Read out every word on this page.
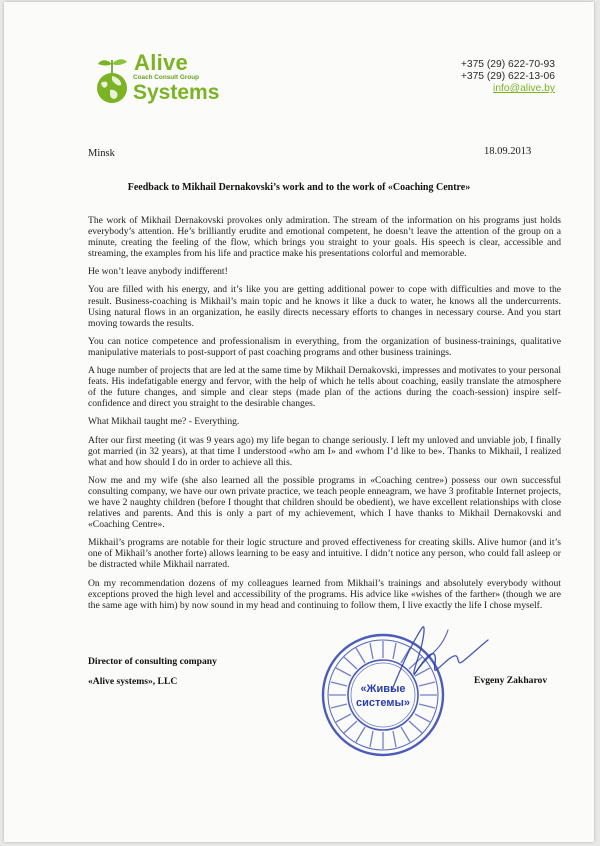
Alive
Coach Consult Group
Systems
+375 (29) 622-70-93
+375 (29) 622-13-06
info@alive.by
Minsk	18.09.2013
Feedback to Mikhail Dernakovski’s work and to the work of «Coaching Centre»

The work of Mikhail Dernakovski provokes only admiration. The stream of the information on his programs just holds everybody’s attention. He’s brilliantly erudite and emotional competent, he doesn’t leave the attention of the group on a minute, creating the feeling of the flow, which brings you straight to your goals. His speech is clear, accessible and streaming, the examples from his life and practice make his presentations colorful and memorable.

He won’t leave anybody indifferent!

You are filled with his energy, and it’s like you are getting additional power to cope with difficulties and move to the result. Business-coaching is Mikhail’s main topic and he knows it like a duck to water, he knows all the undercurrents. Using natural flows in an organization, he easily directs necessary efforts to changes in necessary course. And you start moving towards the results.

You can notice competence and professionalism in everything, from the organization of business-trainings, qualitative manipulative materials to post-support of past coaching programs and other business trainings.

A huge number of projects that are led at the same time by Mikhail Dernakovski, impresses and motivates to your personal feats. His indefatigable energy and fervor, with the help of which he tells about coaching, easily translate the atmosphere of the future changes, and simple and clear steps (made plan of the actions during the coach-session) inspire self-confidence and direct you straight to the desirable changes.

What Mikhail taught me? - Everything.

After our first meeting (it was 9 years ago) my life began to change seriously. I left my unloved and unviable job, I finally got married (in 32 years), at that time I understood «who am I» and «whom I’d like to be». Thanks to Mikhail, I realized what and how should I do in order to achieve all this.

Now me and my wife (she also learned all the possible programs in «Coaching centre») possess our own successful consulting company, we have our own private practice, we teach people enneagram, we have 3 profitable Internet projects, we have 2 naughty children (before I thought that children should be obedient), we have excellent relationships with close relatives and parents. And this is only a part of my achievement, which I have thanks to Mikhail Dernakovski and «Coaching Centre».

Mikhail’s programs are notable for their logic structure and proved effectiveness for creating skills. Alive humor (and it’s one of Mikhail’s another forte) allows learning to be easy and intuitive. I didn’t notice any person, who could fall asleep or be distracted while Mikhail narrated.

On my recommendation dozens of my colleagues learned from Mikhail’s trainings and absolutely everybody without exceptions proved the high level and accessibility of the programs. His advice like «wishes of the farther» (though we are the same age with him) by now sound in my head and continuing to follow them, I live exactly the life I chose myself.

Director of consulting company
«Alive systems», LLC
«Живые
системы»
Evgeny Zakharov
